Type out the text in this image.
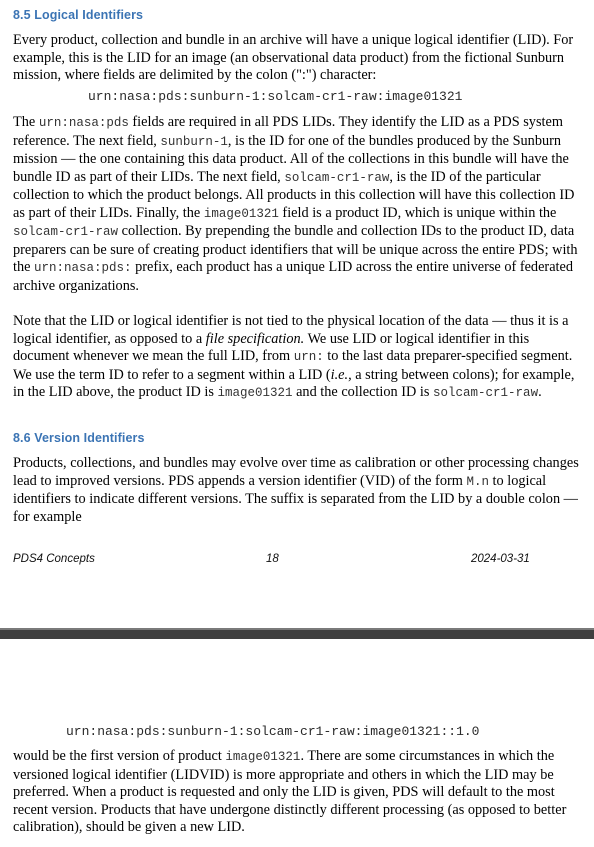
8.5 Logical Identifiers

Every product, collection and bundle in an archive will have a unique logical identifier (LID). For example, this is the LID for an image (an observational data product) from the fictional Sunburn mission, where fields are delimited by the colon (":") character:

urn:nasa:pds:sunburn-1:solcam-cr1-raw:image01321

The urn:nasa:pds fields are required in all PDS LIDs. They identify the LID as a PDS system reference. The next field, sunburn-1, is the ID for one of the bundles produced by the Sunburn mission — the one containing this data product. All of the collections in this bundle will have the bundle ID as part of their LIDs. The next field, solcam-cr1-raw, is the ID of the particular collection to which the product belongs. All products in this collection will have this collection ID as part of their LIDs. Finally, the image01321 field is a product ID, which is unique within the solcam-cr1-raw collection. By prepending the bundle and collection IDs to the product ID, data preparers can be sure of creating product identifiers that will be unique across the entire PDS; with the urn:nasa:pds: prefix, each product has a unique LID across the entire universe of federated archive organizations.

Note that the LID or logical identifier is not tied to the physical location of the data — thus it is a logical identifier, as opposed to a file specification. We use LID or logical identifier in this document whenever we mean the full LID, from urn: to the last data preparer-specified segment. We use the term ID to refer to a segment within a LID (i.e., a string between colons); for example, in the LID above, the product ID is image01321 and the collection ID is solcam-cr1-raw.

8.6 Version Identifiers

Products, collections, and bundles may evolve over time as calibration or other processing changes lead to improved versions. PDS appends a version identifier (VID) of the form M.n to logical identifiers to indicate different versions. The suffix is separated from the LID by a double colon — for example

PDS4 Concepts	18	2024-03-31
urn:nasa:pds:sunburn-1:solcam-cr1-raw:image01321::1.0

would be the first version of product image01321. There are some circumstances in which the versioned logical identifier (LIDVID) is more appropriate and others in which the LID may be preferred. When a product is requested and only the LID is given, PDS will default to the most recent version. Products that have undergone distinctly different processing (as opposed to better calibration), should be given a new LID.
